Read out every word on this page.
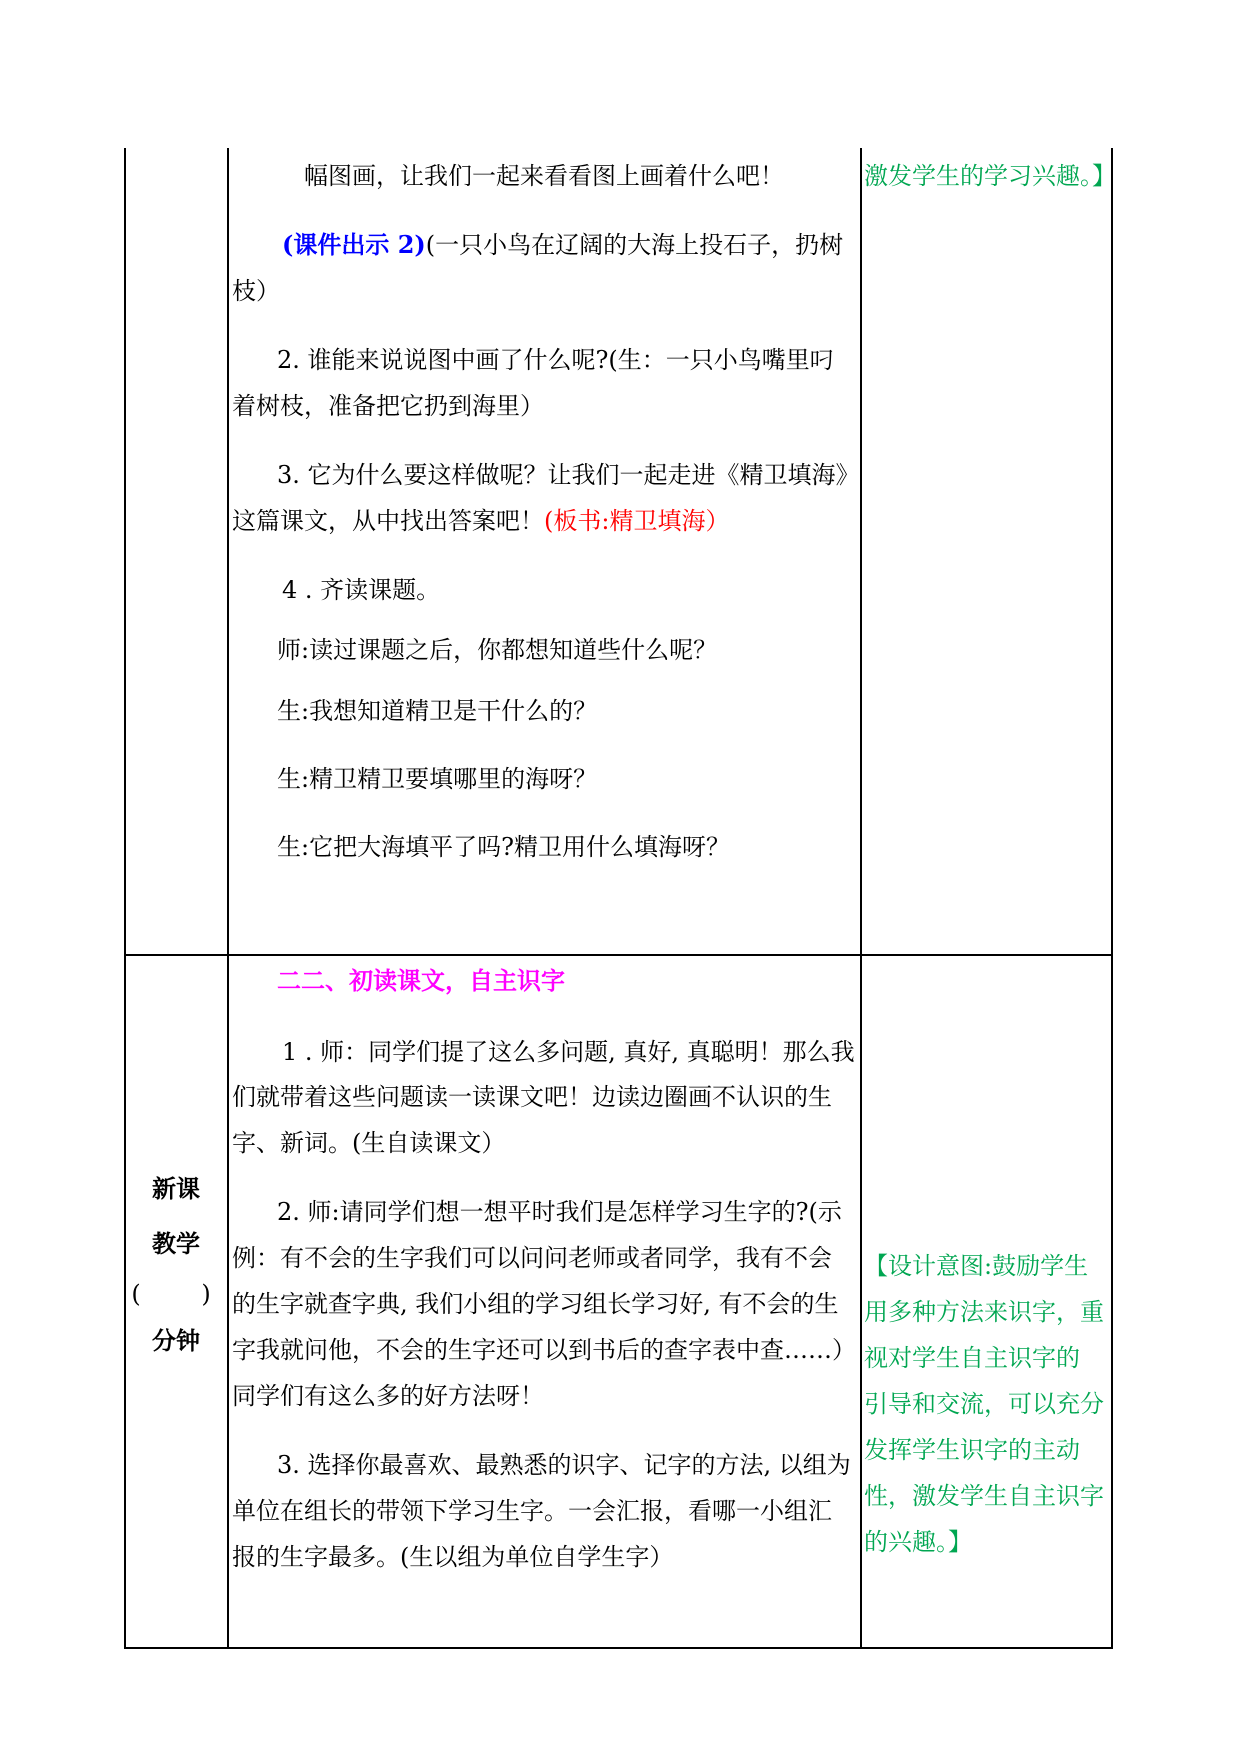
幅图画，让我们一起来看看图上画着什么吧！
(课件出示 2)(一只小鸟在辽阔的大海上投石子，扔树
枝）
2. 谁能来说说图中画了什么呢?(生：一只小鸟嘴里叼
着树枝，准备把它扔到海里）
3. 它为什么要这样做呢？让我们一起走进《精卫填海》
这篇课文，从中找出答案吧！(板书:精卫填海）
4 . 齐读课题。
师:读过课题之后，你都想知道些什么呢？
生:我想知道精卫是干什么的？
生:精卫精卫要填哪里的海呀？
生:它把大海填平了吗?精卫用什么填海呀？
激发学生的学习兴趣。】
新课
教学
(	)
分钟
二二、初读课文，自主识字
1 . 师：同学们提了这么多问题, 真好, 真聪明！那么我
们就带着这些问题读一读课文吧！边读边圈画不认识的生
字、新词。(生自读课文）
2. 师:请同学们想一想平时我们是怎样学习生字的?(示
例：有不会的生字我们可以问问老师或者同学，我有不会
的生字就查字典, 我们小组的学习组长学习好, 有不会的生
字我就问他，不会的生字还可以到书后的查字表中查……）
同学们有这么多的好方法呀！
3. 选择你最喜欢、最熟悉的识字、记字的方法, 以组为
单位在组长的带领下学习生字。一会汇报，看哪一小组汇
报的生字最多。(生以组为单位自学生字）
【设计意图:鼓励学生
用多种方法来识字，重
视对学生自主识字的
引导和交流，可以充分
发挥学生识字的主动
性，激发学生自主识字
的兴趣。】
